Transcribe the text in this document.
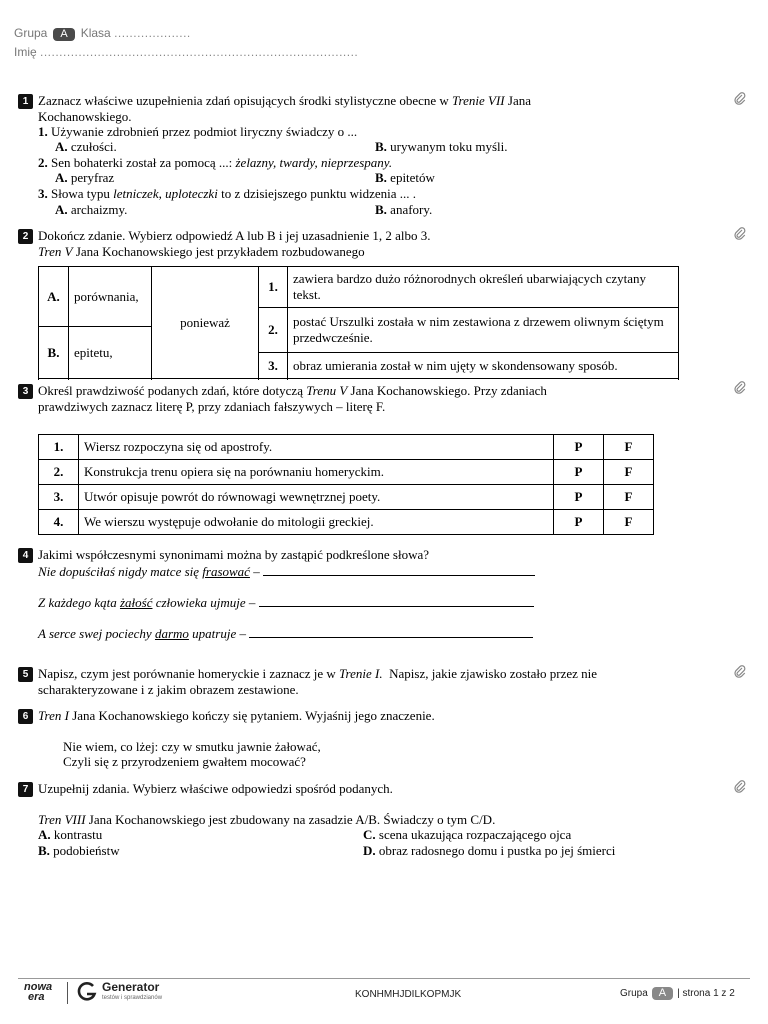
Grupa A Klasa ....................
Imię ...................................................................................
1 Zaznacz właściwe uzupełnienia zdań opisujących środki stylistyczne obecne w Trenie VII Jana
Kochanowskiego.
1. Używanie zdrobnień przez podmiot liryczny świadczy o ...
A. czułości.	B. urywanym toku myśli.
2. Sen bohaterki został za pomocą ...: żelazny, twardy, nieprzespany.
A. peryfraz	B. epitetów
3. Słowa typu letniczek, uploteczki to z dzisiejszego punktu widzenia ... .
A. archaizmy.	B. anafory.
2 Dokończ zdanie. Wybierz odpowiedź A lub B i jej uzasadnienie 1, 2 albo 3.
Tren V Jana Kochanowskiego jest przykładem rozbudowanego
A.	porównania,	ponieważ	1.	zawiera bardzo dużo różnorodnych określeń ubarwiających czytany tekst.
			2.	postać Urszulki została w nim zestawiona z drzewem oliwnym ściętym przedwcześnie.
B.	epitetu,			
			3.	obraz umierania został w nim ujęty w skondensowany sposób.

3 Określ prawdziwość podanych zdań, które dotyczą Trenu V Jana Kochanowskiego. Przy zdaniach
prawdziwych zaznacz literę P, przy zdaniach fałszywych – literę F.
1.	Wiersz rozpoczyna się od apostrofy.	P	F
2.	Konstrukcja trenu opiera się na porównaniu homeryckim.	P	F
3.	Utwór opisuje powrót do równowagi wewnętrznej poety.	P	F
4.	We wierszu występuje odwołanie do mitologii greckiej.	P	F
4 Jakimi współczesnymi synonimami można by zastąpić podkreślone słowa?
Nie dopuściłaś nigdy matce się frasować –
Z każdego kąta żałość człowieka ujmuje –
A serce swej pociechy darmo upatruje –
5 Napisz, czym jest porównanie homeryckie i zaznacz je w Trenie I.  Napisz, jakie zjawisko zostało przez nie
scharakteryzowane i z jakim obrazem zestawione.
6 Tren I Jana Kochanowskiego kończy się pytaniem. Wyjaśnij jego znaczenie.
Nie wiem, co lżej: czy w smutku jawnie żałować,
Czyli się z przyrodzeniem gwałtem mocować?
7 Uzupełnij zdania. Wybierz właściwe odpowiedzi spośród podanych.
Tren VIII Jana Kochanowskiego jest zbudowany na zasadzie A/B. Świadczy o tym C/D.
A. kontrastu	C. scena ukazująca rozpaczającego ojca
B. podobieństw	D. obraz radosnego domu i pustka po jej śmierci
nowa
era
Generator
testów i sprawdzianów	KONHMHJDILKOPMJK	Grupa A | strona 1 z 2
